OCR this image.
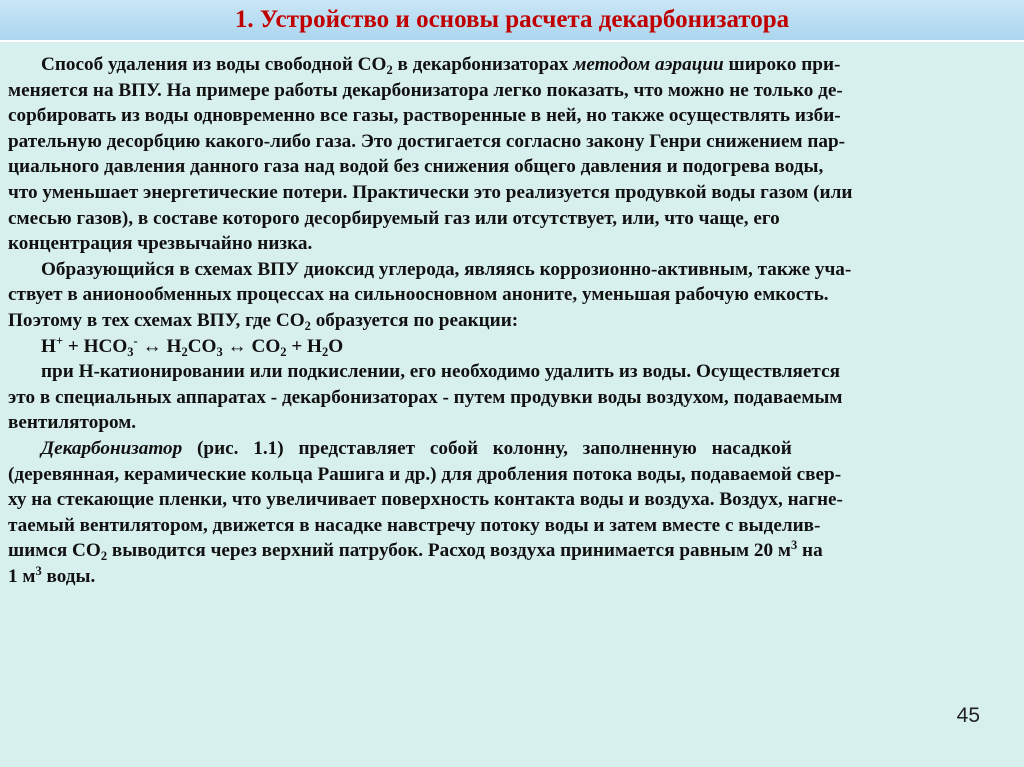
1. Устройство и основы расчета декарбонизатора
Способ удаления из воды свободной $СО_2$ в декарбонизаторах методом аэрации широко при-
меняется на ВПУ. На примере работы декарбонизатора легко показать, что можно не только де-
сорбировать из воды одновременно все газы, растворенные в ней, но также осуществлять изби-
рательную десорбцию какого-либо газа. Это достигается согласно закону Генри снижением пар-
циального давления данного газа над водой без снижения общего давления и подогрева воды,
что уменьшает энергетические потери. Практически это реализуется продувкой воды газом (или
смесью газов), в составе которого десорбируемый газ или отсутствует, или, что чаще, его
концентрация чрезвычайно низка.
Образующийся в схемах ВПУ диоксид углерода, являясь коррозионно-активным, также уча-
ствует в анионообменных процессах на сильноосновном аноните, уменьшая рабочую емкость.
Поэтому в тех схемах ВПУ, где $СО_2$ образуется по реакции:
$Н^+ + НСО_3^-$ ↔ $Н_2СО_3$ ↔ $СО_2 + Н_2О$
при Н-катионировании или подкислении, его необходимо удалить из воды. Осуществляется
это в специальных аппаратах - декарбонизаторах - путем продувки воды воздухом, подаваемым
вентилятором.
Декарбонизатор (рис. 1.1) представляет собой колонну, заполненную насадкой
(деревянная, керамические кольца Рашига и др.) для дробления потока воды, подаваемой свер-
ху на стекающие пленки, что увеличивает поверхность контакта воды и воздуха. Воздух, нагне-
таемый вентилятором, движется в насадке навстречу потоку воды и затем вместе с выделив-
шимся $СО_2$ выводится через верхний патрубок. Расход воздуха принимается равным 20 $м^3$ на
1 $м^3$ воды.
45
